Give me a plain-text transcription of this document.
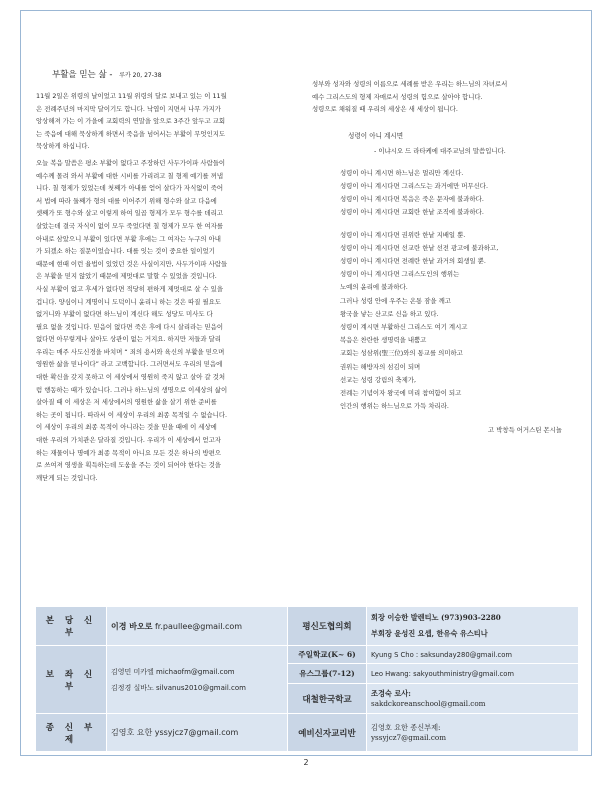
부활을 믿는 삶 - 루카 20, 27-38
11월 2일은 위령의 날이었고 11월 위령의 달로 보내고 있는 이 11월
은 전례주년의 마지막 달이기도 합니다. 낙엽이 지면서 나무 가지가
앙상해져 가는 이 가을에 교회력의 연말을 앞으로 3주간 앞두고 교회
는 죽음에 대해 묵상하게 하면서 죽음을 넘어서는 부활이 무엇인지도
묵상하게 하십니다.
오늘 복음 말씀은 평소 부활이 없다고 주장하던 사두가이파 사람들이
예수께 몰려 와서 부활에 대한 시비를 가리려고 칠 형제 예기를 꺼냅
니다. 칠 형제가 있었는데 첫째가 아내를 얻어 살다가 자식없이 죽어
서 법에 따라 둘째가 형의 대를 이어주기 위해 형수와 살고 다음에
셋째가 또 형수와 살고 이렇게 하여 일곱 형제가 모두 형수를 데리고
살았는데 결국 자식이 없이 모두 죽었다면 칠 형제가 모두 한 여자를
아내로 삼았으니 부활이 있다면 부활 후에는 그 여자는 누구의 아내
가 되겠소 하는 질문이었습니다. 대를 잇는 것이 중요한 일이었기
때문에 현때 이런 율법이 있었던 것은 사실이지만, 사두가이파 사람들
은 부활을 믿지 않았기 때문에 제멋대로 말할 수 있었을 것입니다.
사실 부활이 없고 후세가 없다면 적당히 편하게 제멋대로 살 수 있을
겁니다. 양심이니 계명이니 도덕이니 윤리니 하는 것은 따질 필요도
없거니와 부활이 없다면 하느님이 계신다 해도 성당도 미사도 다
필요 없을 것입니다. 믿음이 없다면 죽은 후에 다시 살리라는 믿음이
없다면 아무렇게나 살아도 상관이 없는 거지요. 하지만 저들과 달리
우리는 매주 사도신경을 바치며 “ 죄의 용서와 육신의 부활을 믿으며
영원한 삶을 믿나이다” 라고 고백합니다. 그러면서도 우리의 믿음에
대한 확신을 갖지 못하고 이 세상에서 영원히 죽지 않고 살아 갈 것처
럼 행동하는 때가 있습니다. 그러나 하느님의 생명으로 이세상의 삶이
살아질 때 이 세상은 저 세상에서의 영원한 삶을 살기 위한 준비를
하는 곳이 됩니다. 따라서 이 세상이 우리의 최종 목적일 수 없습니다.
이 세상이 우리의 최종 목적이 아니라는 것을 믿을 때에 이 세상에
대한 우리의 가치관은 달라질 것입니다. 우리가 이 세상에서 얻고자
하는 재물이나 명예가 최종 목적이 아니요 모든 것은 하나의 방편으
로 쓰여져 영생을 획득하는데 도움을 주는 것이 되어야 한다는 것을
깨닫게 되는 것입니다.
성부와 성자와 성령의 이름으로 세례를 받은 우리는 하느님의 자녀로서
예수 그리스도의 형제 자매로서 성령의 힘으로 살아야 합니다.
성령으로 채워질 때 우리의 세상은 새 세상이 됩니다.
성령이 아니 계시면
- 이냐시오 드 라타케에 대주교님의 말씀입니다.
성령이 아니 계시면 하느님은 멀리만 계신다.
성령이 아니 계시다면 그리스도는 과거에만 머무신다.
성령이 아니 계시다면 복음은 죽은 문자에 불과하다.
성령이 아니 계시다면 교회란 한낱 조직에 불과하다.
성령이 아니 계시다면 권위란 한낱 지배일 뿐.
성령이 아니 계시다면 선교란 한낱 선전 광고에 불과하고,
성령이 아니 계시다면 전례란 한낱 과거의 회생일 뿐.
성령이 아니 계시다면 그리스도인의 행위는
노예의 윤리에 불과하다.
그러나 성령 안에 우주는 온통 잠을 깨고
왕국을 낳는 산고로 신음 하고 있다.
성령이 계시면 부활하신 그리스도 여기 계시고
복음은 찬란한 생명력을 내뿜고
교회는 성삼위(聖三位)와의 통교를 의미하고
권위는 해방자의 섬김이 되며
선교는 성령 강림의 축제가,
전례는 기념이자 왕국에 미리 참여함이 되고
인간의 행위는 하느님으로 가득 차리라.
고 박창득 어거스틴 몬시뇰
본 당 신 부	이경 바오로 fr.paullee@gmail.com	평신도협의회	회장 이승한 발렌티노 (973)903-2280
부회장 윤성진 요셉, 한유숙 유스티나

보 좌 신 부	김영민 미카엘 michaofm@gmail.com
김정경 실바노 silvanus2010@gmail.com	주일학교(K~ 6)	Kyung S Cho : saksunday280@gmail.com
		유스그룹(7-12)	Leo Hwang: sakyouthministry@gmail.com
		대철한국학교	조경숙 로사:
sakdckoreanschool@gmail.com

종 신 부 제	김영호 요한 yssyjcz7@gmail.com	예비신자교리반	김영호 요한 종신부제:
yssyjcz7@gmail.com
2
